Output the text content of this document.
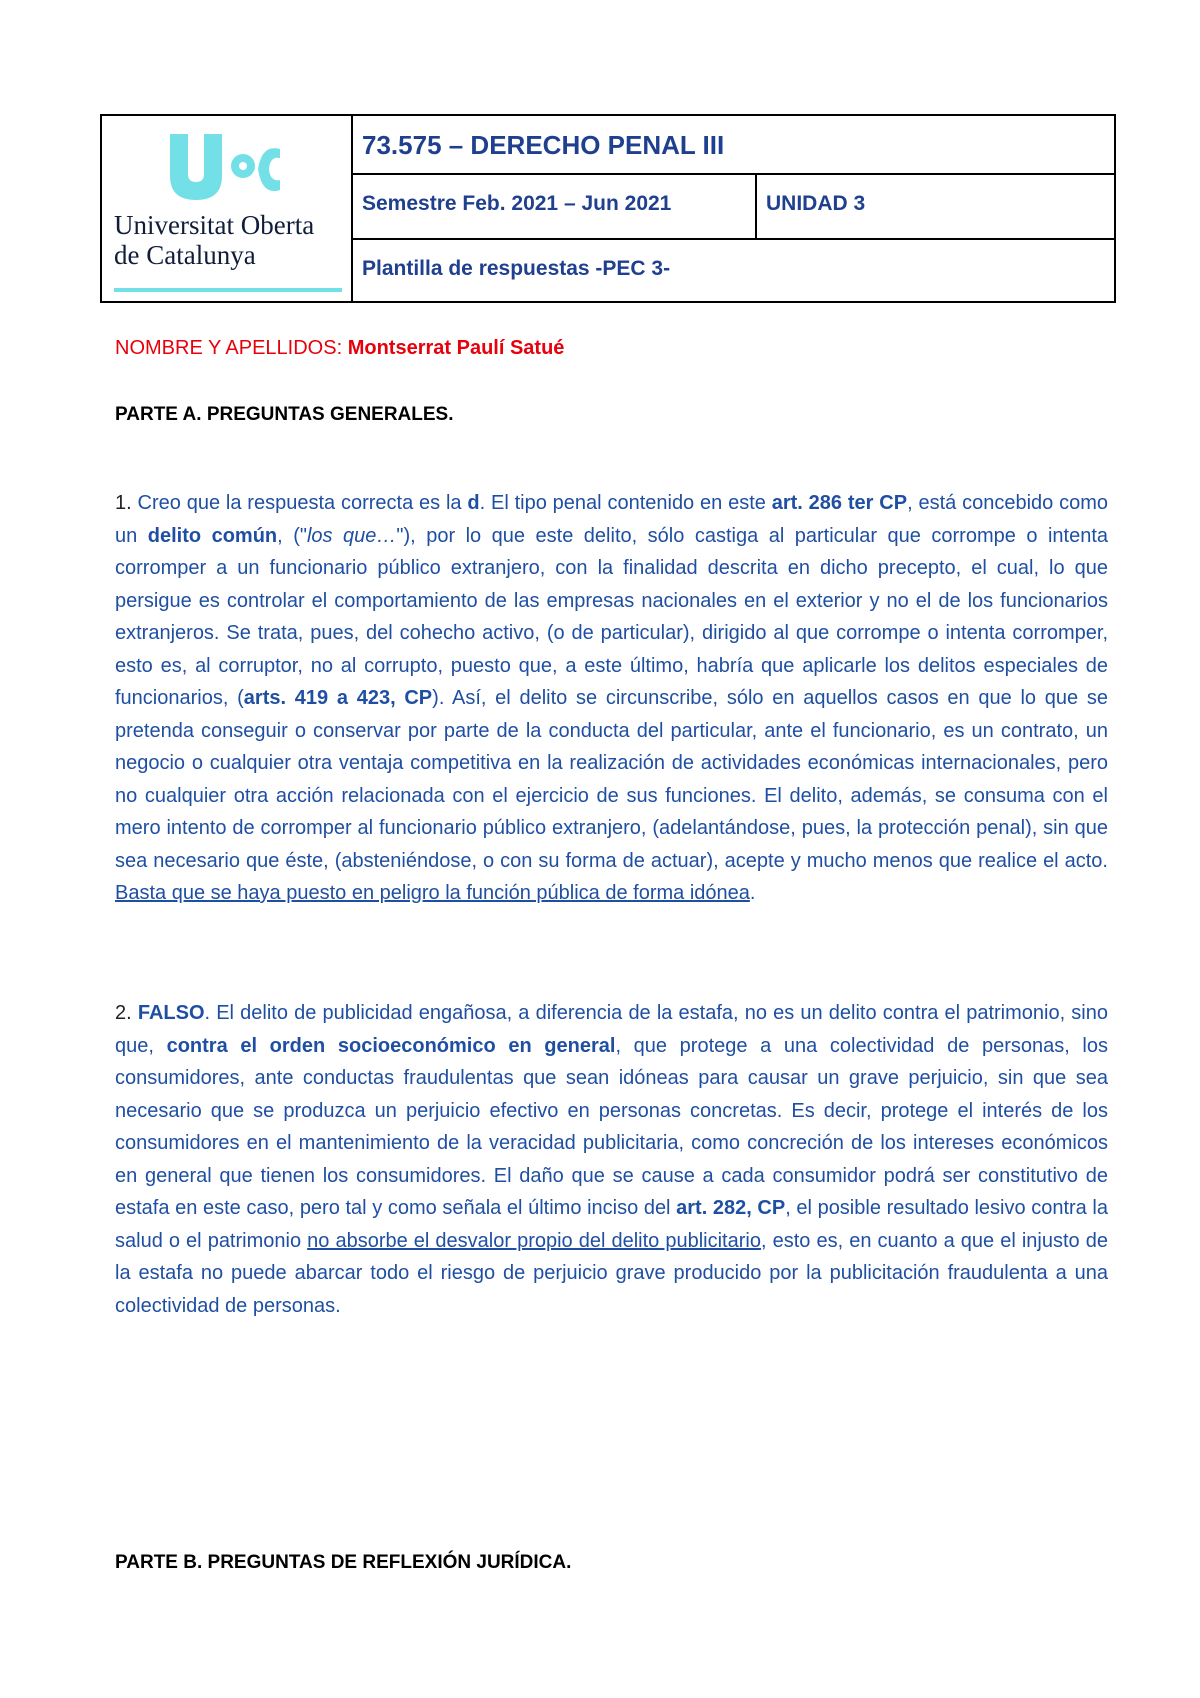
Universitat Oberta
de Catalunya
73.575 – DERECHO PENAL III
Semestre Feb. 2021 – Jun 2021	UNIDAD 3
Plantilla de respuestas -PEC 3-
NOMBRE Y APELLIDOS: Montserrat Paulí Satué
PARTE A. PREGUNTAS GENERALES.

1. Creo que la respuesta correcta es la d. El tipo penal contenido en este art. 286 ter CP, está concebido como un delito común, ("los que…"), por lo que este delito, sólo castiga al particular que corrompe o intenta corromper a un funcionario público extranjero, con la finalidad descrita en dicho precepto, el cual, lo que persigue es controlar el comportamiento de las empresas nacionales en el exterior y no el de los funcionarios extranjeros. Se trata, pues, del cohecho activo, (o de particular), dirigido al que corrompe o intenta corromper, esto es, al corruptor, no al corrupto, puesto que, a este último, habría que aplicarle los delitos especiales de funcionarios, (arts. 419 a 423, CP). Así, el delito se circunscribe, sólo en aquellos casos en que lo que se pretenda conseguir o conservar por parte de la conducta del particular, ante el funcionario, es un contrato, un negocio o cualquier otra ventaja competitiva en la realización de actividades económicas internacionales, pero no cualquier otra acción relacionada con el ejercicio de sus funciones. El delito, además, se consuma con el mero intento de corromper al funcionario público extranjero, (adelantándose, pues, la protección penal), sin que sea necesario que éste, (absteniéndose, o con su forma de actuar), acepte y mucho menos que realice el acto. Basta que se haya puesto en peligro la función pública de forma idónea.

2. FALSO. El delito de publicidad engañosa, a diferencia de la estafa, no es un delito contra el patrimonio, sino que, contra el orden socioeconómico en general, que protege a una colectividad de personas, los consumidores, ante conductas fraudulentas que sean idóneas para causar un grave perjuicio, sin que sea necesario que se produzca un perjuicio efectivo en personas concretas. Es decir, protege el interés de los consumidores en el mantenimiento de la veracidad publicitaria, como concreción de los intereses económicos en general que tienen los consumidores. El daño que se cause a cada consumidor podrá ser constitutivo de estafa en este caso, pero tal y como señala el último inciso del art. 282, CP, el posible resultado lesivo contra la salud o el patrimonio no absorbe el desvalor propio del delito publicitario, esto es, en cuanto a que el injusto de la estafa no puede abarcar todo el riesgo de perjuicio grave producido por la publicitación fraudulenta a una colectividad de personas.

PARTE B. PREGUNTAS DE REFLEXIÓN JURÍDICA.
